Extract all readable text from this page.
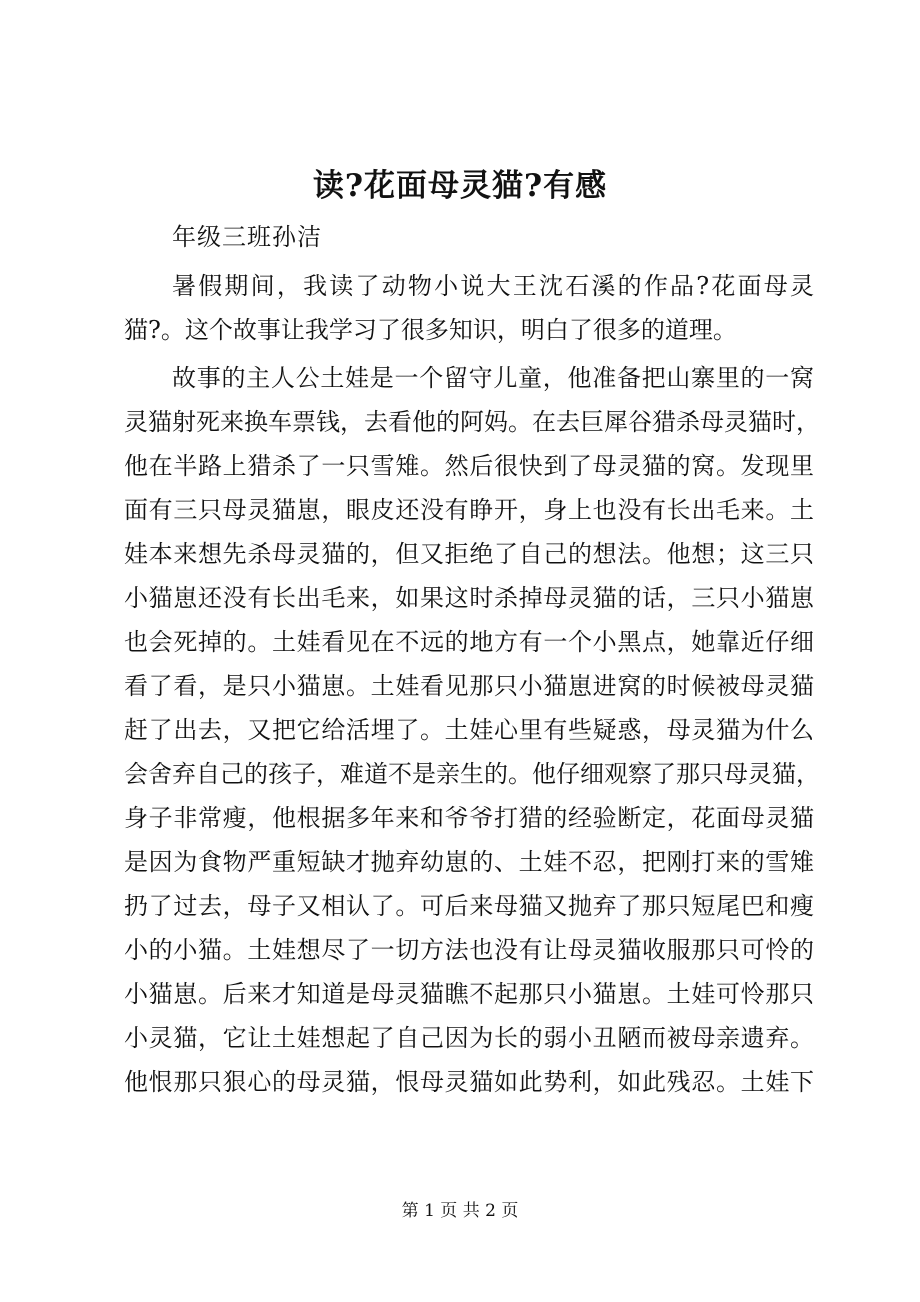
读?花面母灵猫?有感
年级三班孙洁
暑假期间，我读了动物小说大王沈石溪的作品?花面母灵
猫?。这个故事让我学习了很多知识，明白了很多的道理。
故事的主人公土娃是一个留守儿童，他准备把山寨里的一窝
灵猫射死来换车票钱，去看他的阿妈。在去巨犀谷猎杀母灵猫时，
他在半路上猎杀了一只雪雉。然后很快到了母灵猫的窝。发现里
面有三只母灵猫崽，眼皮还没有睁开，身上也没有长出毛来。土
娃本来想先杀母灵猫的，但又拒绝了自己的想法。他想；这三只
小猫崽还没有长出毛来，如果这时杀掉母灵猫的话，三只小猫崽
也会死掉的。土娃看见在不远的地方有一个小黑点，她靠近仔细
看了看，是只小猫崽。土娃看见那只小猫崽进窝的时候被母灵猫
赶了出去，又把它给活埋了。土娃心里有些疑惑，母灵猫为什么
会舍弃自己的孩子，难道不是亲生的。他仔细观察了那只母灵猫，
身子非常瘦，他根据多年来和爷爷打猎的经验断定，花面母灵猫
是因为食物严重短缺才抛弃幼崽的、土娃不忍，把刚打来的雪雉
扔了过去，母子又相认了。可后来母猫又抛弃了那只短尾巴和瘦
小的小猫。土娃想尽了一切方法也没有让母灵猫收服那只可怜的
小猫崽。后来才知道是母灵猫瞧不起那只小猫崽。土娃可怜那只
小灵猫，它让土娃想起了自己因为长的弱小丑陋而被母亲遗弃。
他恨那只狠心的母灵猫，恨母灵猫如此势利，如此残忍。土娃下
第 1 页 共 2 页
